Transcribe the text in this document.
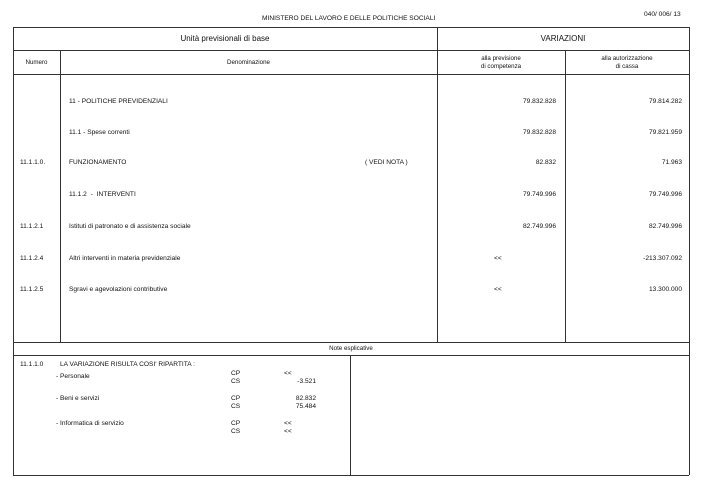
MINISTERO DEL LAVORO E DELLE POLITICHE SOCIALI
040/ 006/ 13
Unità previsionali di base	VARIAZIONI
Numero	Denominazione
alla previsione
di competenza
alla autorizzazione
di cassa
11 - POLITICHE PREVIDENZIALI	79.832.828	79.814.282
11.1 - Spese correnti	79.832.828	79.821.959
11.1.1.0.	FUNZIONAMENTO	( VEDI NOTA )	82.832	71.963
11.1.2 - INTERVENTI	79.749.996	79.749.996
11.1.2.1	Istituti di patronato e di assistenza sociale	82.749.996	82.749.996
11.1.2.4	Altri interventi in materia previdenziale	<<	-213.307.092
11.1.2.5	Sgravi e agevolazioni contributive	<<	13.300.000
Note esplicative
11.1.1.0	LA VARIAZIONE RISULTA COSI' RIPARTITA :
- Personale	CP	<<
CS	-3.521
- Beni e servizi	CP	82.832
CS	75.484
- Informatica di servizio	CP	<<
CS	<<
